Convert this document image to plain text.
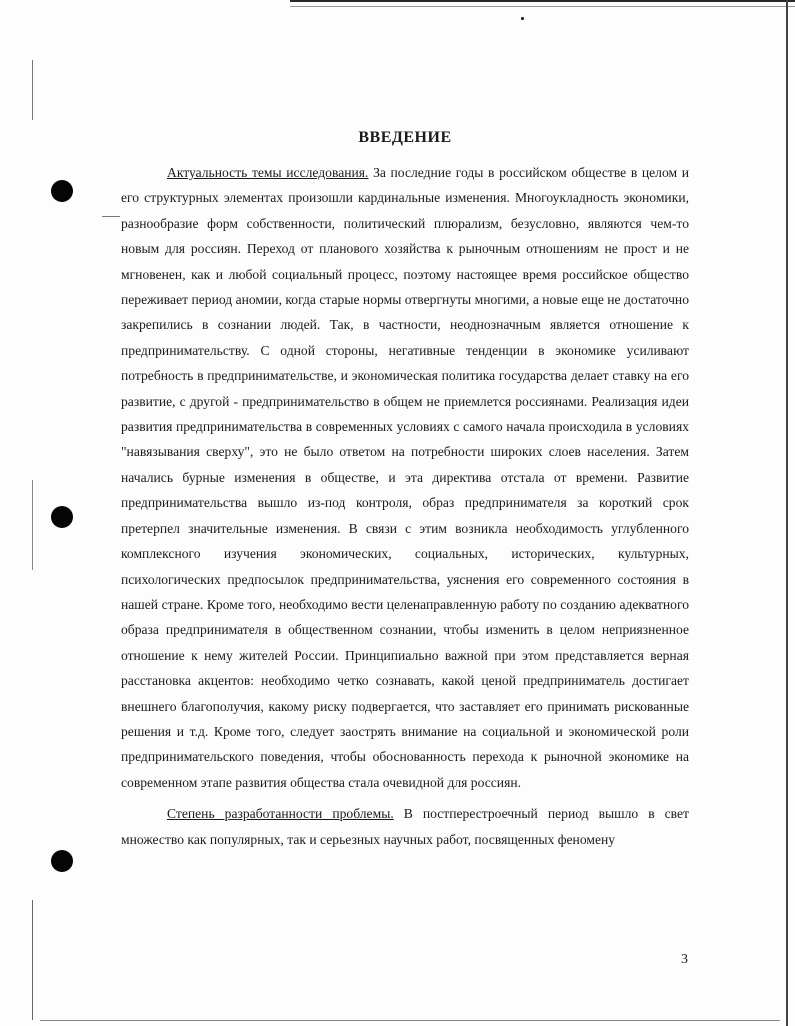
ВВЕДЕНИЕ

Актуальность темы исследования. За последние годы в российском обществе в целом и его структурных элементах произошли кардинальные изменения. Многоукладность экономики, разнообразие форм собственности, политический плюрализм, безусловно, являются чем-то новым для россиян. Переход от планового хозяйства к рыночным отношениям не прост и не мгновенен, как и любой социальный процесс, поэтому настоящее время российское общество переживает период аномии, когда старые нормы отвергнуты многими, а новые еще не достаточно закрепились в сознании людей. Так, в частности, неоднозначным является отношение к предпринимательству. С одной стороны, негативные тенденции в экономике усиливают потребность в предпринимательстве, и экономическая политика государства делает ставку на его развитие, с другой - предпринимательство в общем не приемлется россиянами. Реализация идеи развития предпринимательства в современных условиях с самого начала происходила в условиях "навязывания сверху", это не было ответом на потребности широких слоев населения. Затем начались бурные изменения в обществе, и эта директива отстала от времени. Развитие предпринимательства вышло из-под контроля, образ предпринимателя за короткий срок претерпел значительные изменения. В связи с этим возникла необходимость углубленного комплексного изучения экономических, социальных, исторических, культурных, психологических предпосылок предпринимательства, уяснения его современного состояния в нашей стране. Кроме того, необходимо вести целенаправленную работу по созданию адекватного образа предпринимателя в общественном сознании, чтобы изменить в целом неприязненное отношение к нему жителей России. Принципиально важной при этом представляется верная расстановка акцентов: необходимо четко сознавать, какой ценой предприниматель достигает внешнего благополучия, какому риску подвергается, что заставляет его принимать рискованные решения и т.д. Кроме того, следует заострять внимание на социальной и экономической роли предпринимательского поведения, чтобы обоснованность перехода к рыночной экономике на современном этапе развития общества стала очевидной для россиян.

Степень разработанности проблемы. В постперестроечный период вышло в свет множество как популярных, так и серьезных научных работ, посвященных феномену

3
